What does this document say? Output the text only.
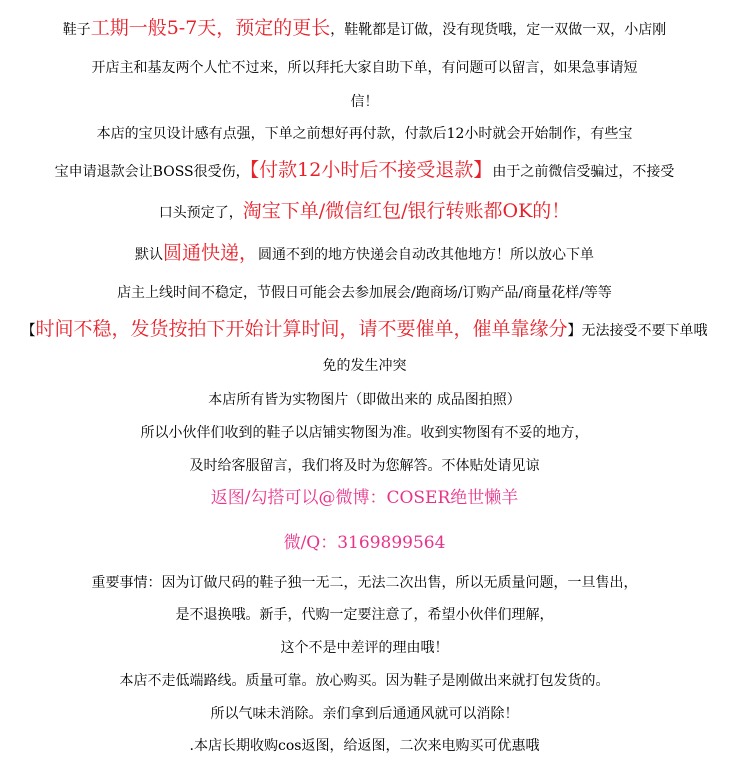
鞋子工期一般5-7天，预定的更长，鞋靴都是订做，没有现货哦，定一双做一双，小店刚
开店主和基友两个人忙不过来，所以拜托大家自助下单，有问题可以留言，如果急事请短
信！
本店的宝贝设计感有点强，下单之前想好再付款，付款后12小时就会开始制作，有些宝
宝申请退款会让BOSS很受伤，【付款12小时后不接受退款】由于之前微信受骗过，不接受
口头预定了，淘宝下单/微信红包/银行转账都OK的！
默认圆通快递，圆通不到的地方快递会自动改其他地方！所以放心下单
店主上线时间不稳定，节假日可能会去参加展会/跑商场/订购产品/商量花样/等等
【时间不稳，发货按拍下开始计算时间，请不要催单，催单靠缘分】无法接受不要下单哦
免的发生冲突
本店所有皆为实物图片（即做出来的 成品图拍照）
所以小伙伴们收到的鞋子以店铺实物图为准。收到实物图有不妥的地方，
及时给客服留言，我们将及时为您解答。不体贴处请见谅
返图/勾搭可以@微博：COSER绝世懒羊
微/Q：3169899564
重要事情：因为订做尺码的鞋子独一无二，无法二次出售，所以无质量问题，一旦售出，
是不退换哦。新手，代购一定要注意了，希望小伙伴们理解，
这个不是中差评的理由哦！
本店不走低端路线。质量可靠。放心购买。因为鞋子是刚做出来就打包发货的。
所以气味未消除。亲们拿到后通通风就可以消除！
.本店长期收购cos返图，给返图，二次来电购买可优惠哦
